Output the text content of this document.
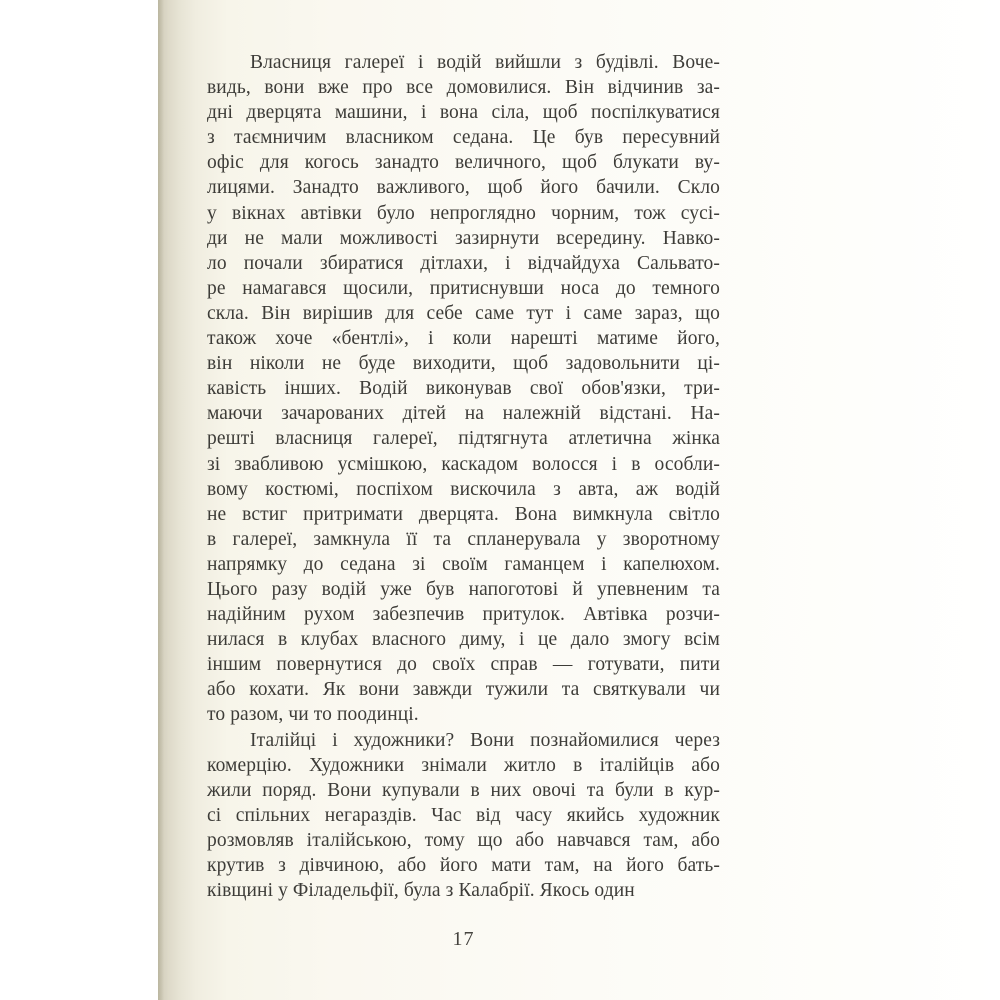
Власниця галереї і водій вийшли з будівлі. Воче-
видь, вони вже про все домовилися. Він відчинив за-
дні дверцята машини, і вона сіла, щоб поспілкуватися
з таємничим власником седана. Це був пересувний
офіс для когось занадто величного, щоб блукати ву-
лицями. Занадто важливого, щоб його бачили. Скло
у вікнах автівки було непроглядно чорним, тож сусі-
ди не мали можливості зазирнути всередину. Навко-
ло почали збиратися дітлахи, і відчайдуха Сальвато-
ре намагався щосили, притиснувши носа до темного
скла. Він вирішив для себе саме тут і саме зараз, що
також хоче «бентлі», і коли нарешті матиме його,
він ніколи не буде виходити, щоб задовольнити ці-
кавість інших. Водій виконував свої обов'язки, три-
маючи зачарованих дітей на належній відстані. На-
решті власниця галереї, підтягнута атлетична жінка
зі звабливою усмішкою, каскадом волосся і в особли-
вому костюмі, поспіхом вискочила з авта, аж водій
не встиг притримати дверцята. Вона вимкнула світло
в галереї, замкнула її та спланерувала у зворотному
напрямку до седана зі своїм гаманцем і капелюхом.
Цього разу водій уже був напоготові й упевненим та
надійним рухом забезпечив притулок. Автівка розчи-
нилася в клубах власного диму, і це дало змогу всім
іншим повернутися до своїх справ — готувати, пити
або кохати. Як вони завжди тужили та святкували чи
то разом, чи то поодинці.
Італійці і художники? Вони познайомилися через
комерцію. Художники знімали житло в італійців або
жили поряд. Вони купували в них овочі та були в кур-
сі спільних негараздів. Час від часу якийсь художник
розмовляв італійською, тому що або навчався там, або
крутив з дівчиною, або його мати там, на його бать-
ківщині у Філадельфії, була з Калабрії. Якось один
17
